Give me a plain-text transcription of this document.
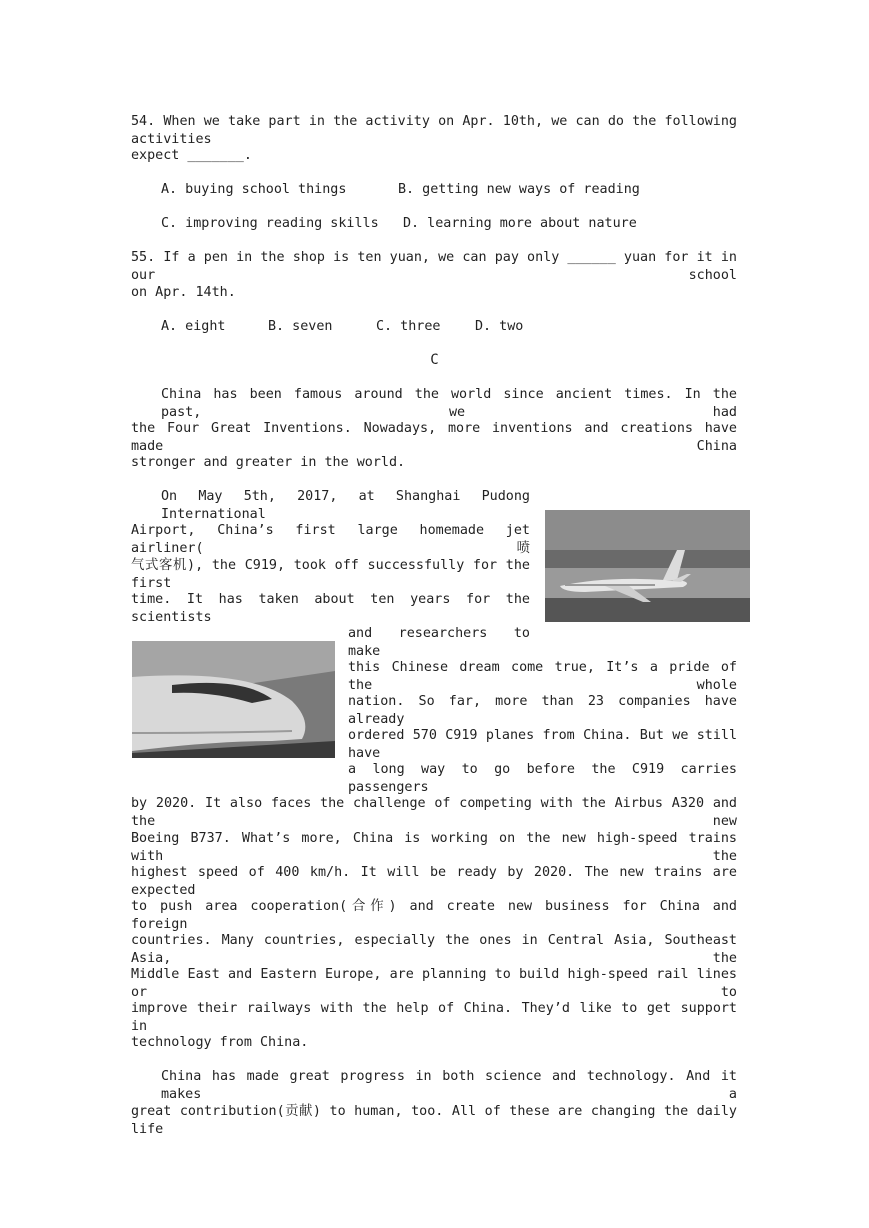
54. When we take part in the activity on Apr. 10th, we can do the following activities
expect _______.
A. buying school things	B. getting new ways of reading
C. improving reading skills D. learning more about nature
55. If a pen in the shop is ten yuan, we can pay only ______ yuan for it in our school
on Apr. 14th.
A. eight	B. seven	C. three	D. two
C
China has been famous around the world since ancient times. In the past, we had
the Four Great Inventions. Nowadays, more inventions and creations have made China
stronger and greater in the world.
On May 5th, 2017, at Shanghai Pudong International
Airport, China’s first large homemade jet airliner(喷
气式客机), the C919, took off successfully for the first
time. It has taken about ten years for the scientists
and researchers to make
this Chinese dream come true, It’s a pride of the whole
nation. So far, more than 23 companies have already
ordered 570 C919 planes from China. But we still have
a long way to go before the C919 carries passengers
by 2020. It also faces the challenge of competing with the Airbus A320 and the new
Boeing B737. What’s more, China is working on the new high-speed trains with the
highest speed of 400 km/h. It will be ready by 2020. The new trains are expected
to push area cooperation(合作) and create new business for China and foreign
countries. Many countries, especially the ones in Central Asia, Southeast Asia, the
Middle East and Eastern Europe, are planning to build high-speed rail lines or to
improve their railways with the help of China. They’d like to get support in
technology from China.
China has made great progress in both science and technology. And it makes a
great contribution(贡献) to human, too. All of these are changing the daily life
